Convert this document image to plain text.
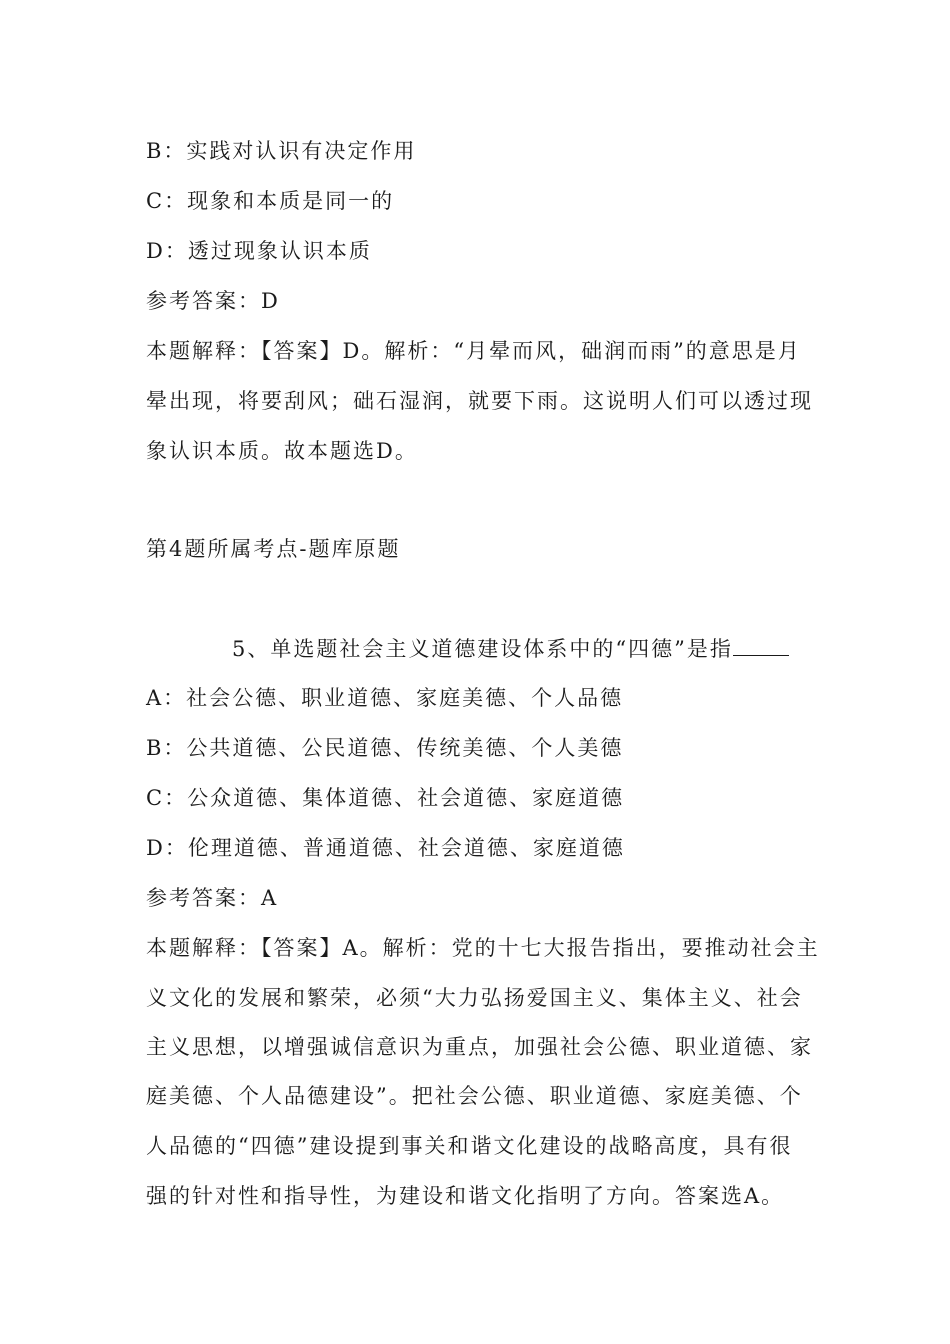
B：实践对认识有决定作用
C：现象和本质是同一的
D：透过现象认识本质
参考答案：D
本题解释：【答案】D。解析：“月晕而风，础润而雨”的意思是月
晕出现，将要刮风；础石湿润，就要下雨。这说明人们可以透过现
象认识本质。故本题选D。
第4题所属考点-题库原题
5、单选题社会主义道德建设体系中的“四德”是指
A：社会公德、职业道德、家庭美德、个人品德
B：公共道德、公民道德、传统美德、个人美德
C：公众道德、集体道德、社会道德、家庭道德
D：伦理道德、普通道德、社会道德、家庭道德
参考答案：A
本题解释：【答案】A。解析：党的十七大报告指出，要推动社会主
义文化的发展和繁荣，必须“大力弘扬爱国主义、集体主义、社会
主义思想，以增强诚信意识为重点，加强社会公德、职业道德、家
庭美德、个人品德建设”。把社会公德、职业道德、家庭美德、个
人品德的“四德”建设提到事关和谐文化建设的战略高度，具有很
强的针对性和指导性，为建设和谐文化指明了方向。答案选A。
